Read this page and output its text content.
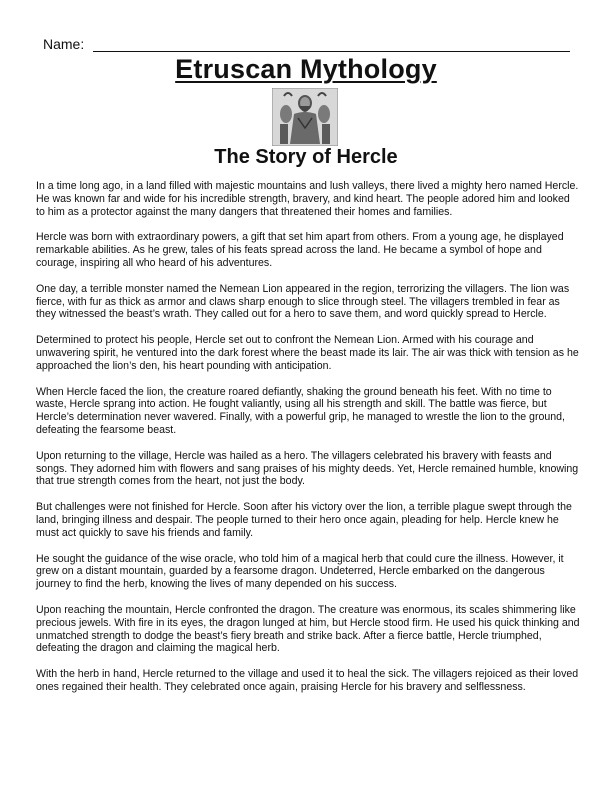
Name:
Etruscan Mythology
The Story of Hercle

In a time long ago, in a land filled with majestic mountains and lush valleys, there lived a mighty hero named Hercle. He was known far and wide for his incredible strength, bravery, and kind heart. The people adored him and looked to him as a protector against the many dangers that threatened their homes and families.

Hercle was born with extraordinary powers, a gift that set him apart from others. From a young age, he displayed remarkable abilities. As he grew, tales of his feats spread across the land. He became a symbol of hope and courage, inspiring all who heard of his adventures.

One day, a terrible monster named the Nemean Lion appeared in the region, terrorizing the villagers. The lion was fierce, with fur as thick as armor and claws sharp enough to slice through steel. The villagers trembled in fear as they witnessed the beast’s wrath. They called out for a hero to save them, and word quickly spread to Hercle.

Determined to protect his people, Hercle set out to confront the Nemean Lion. Armed with his courage and unwavering spirit, he ventured into the dark forest where the beast made its lair. The air was thick with tension as he approached the lion’s den, his heart pounding with anticipation.

When Hercle faced the lion, the creature roared defiantly, shaking the ground beneath his feet. With no time to waste, Hercle sprang into action. He fought valiantly, using all his strength and skill. The battle was fierce, but Hercle’s determination never wavered. Finally, with a powerful grip, he managed to wrestle the lion to the ground, defeating the fearsome beast.

Upon returning to the village, Hercle was hailed as a hero. The villagers celebrated his bravery with feasts and songs. They adorned him with flowers and sang praises of his mighty deeds. Yet, Hercle remained humble, knowing that true strength comes from the heart, not just the body.

But challenges were not finished for Hercle. Soon after his victory over the lion, a terrible plague swept through the land, bringing illness and despair. The people turned to their hero once again, pleading for help. Hercle knew he must act quickly to save his friends and family.

He sought the guidance of the wise oracle, who told him of a magical herb that could cure the illness. However, it grew on a distant mountain, guarded by a fearsome dragon. Undeterred, Hercle embarked on the dangerous journey to find the herb, knowing the lives of many depended on his success.

Upon reaching the mountain, Hercle confronted the dragon. The creature was enormous, its scales shimmering like precious jewels. With fire in its eyes, the dragon lunged at him, but Hercle stood firm. He used his quick thinking and unmatched strength to dodge the beast’s fiery breath and strike back. After a fierce battle, Hercle triumphed, defeating the dragon and claiming the magical herb.

With the herb in hand, Hercle returned to the village and used it to heal the sick. The villagers rejoiced as their loved ones regained their health. They celebrated once again, praising Hercle for his bravery and selflessness.
